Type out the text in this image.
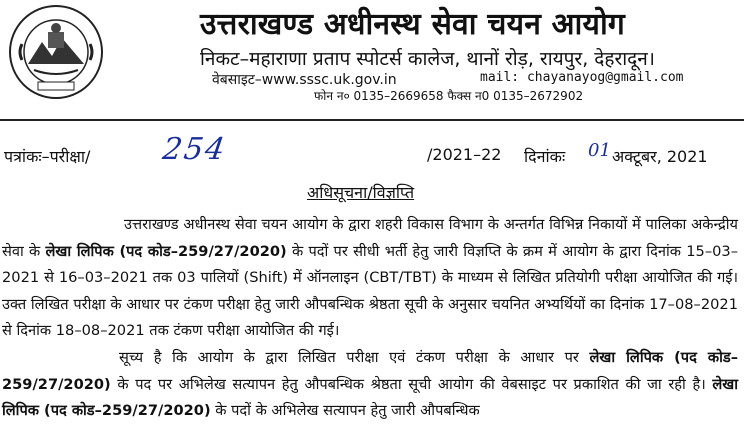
उत्तराखण्ड अधीनस्थ सेवा चयन आयोग
निकट–महाराणा प्रताप स्पोटर्स कालेज, थानों रोड़, रायपुर, देहरादून।
वेबसाइट–www.sssc.uk.gov.in	mail: chayanayog@gmail.com
फोन न० 0135–2669658 फैक्स न0 0135–2672902
पत्रांकः–परीक्षा/ 254	/2021–22 दिनांकः 01 अक्टूबर, 2021
अधिसूचना/विज्ञप्ति

उत्तराखण्ड अधीनस्थ सेवा चयन आयोग के द्वारा शहरी विकास विभाग के अन्तर्गत विभिन्न निकायों में पालिका अकेन्द्रीय सेवा के लेखा लिपिक (पद कोड–259/27/2020) के पदों पर सीधी भर्ती हेतु जारी विज्ञप्ति के क्रम में आयोग के द्वारा दिनांक 15–03–2021 से 16–03–2021 तक 03 पालियों (Shift) में ऑनलाइन (CBT/TBT) के माध्यम से लिखित प्रतियोगी परीक्षा आयोजित की गई। उक्त लिखित परीक्षा के आधार पर टंकण परीक्षा हेतु जारी औपबन्धिक श्रेष्ठता सूची के अनुसार चयनित अभ्यर्थियों का दिनांक 17–08–2021 से दिनांक 18–08–2021 तक टंकण परीक्षा आयोजित की गई।

सूच्य है कि आयोग के द्वारा लिखित परीक्षा एवं टंकण परीक्षा के आधार पर लेखा लिपिक (पद कोड–259/27/2020) के पद पर अभिलेख सत्यापन हेतु औपबन्धिक श्रेष्ठता सूची आयोग की वेबसाइट पर प्रकाशित की जा रही है। लेखा लिपिक (पद कोड–259/27/2020) के पदों के अभिलेख सत्यापन हेतु जारी औपबन्धिक
